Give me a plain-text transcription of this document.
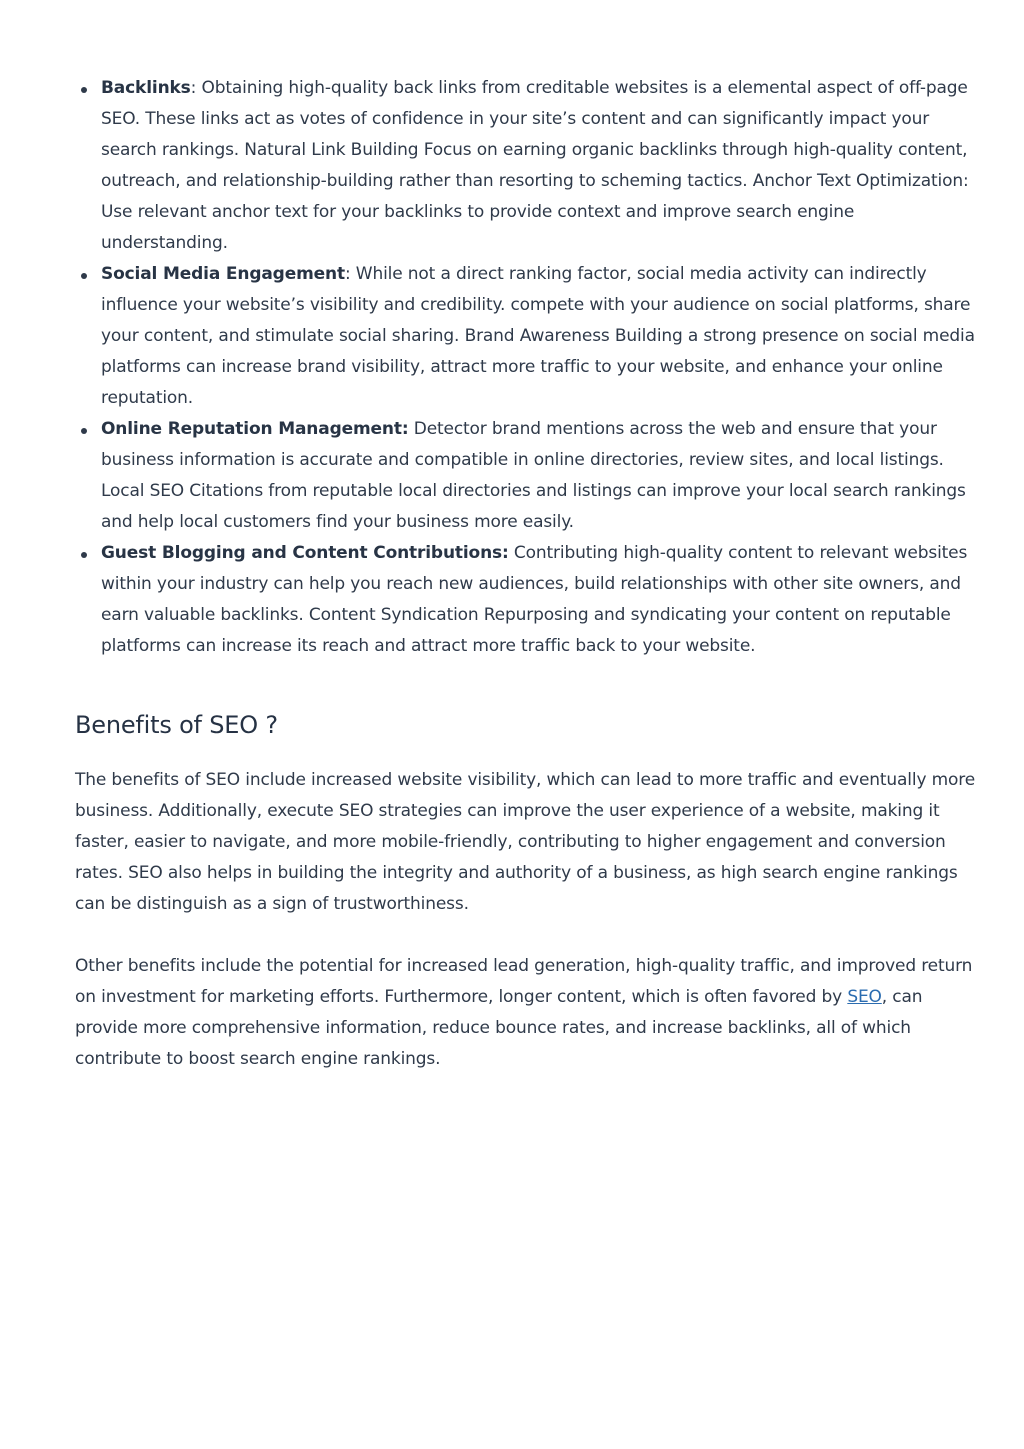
Backlinks: Obtaining high-quality back links from creditable websites is a elemental aspect of off-page SEO. These links act as votes of confidence in your site’s content and can significantly impact your search rankings. Natural Link Building Focus on earning organic backlinks through high-quality content, outreach, and relationship-building rather than resorting to scheming tactics. Anchor Text Optimization: Use relevant anchor text for your backlinks to provide context and improve search engine understanding.
Social Media Engagement: While not a direct ranking factor, social media activity can indirectly influence your website’s visibility and credibility. compete with your audience on social platforms, share your content, and stimulate social sharing. Brand Awareness Building a strong presence on social media platforms can increase brand visibility, attract more traffic to your website, and enhance your online reputation.
Online Reputation Management: Detector brand mentions across the web and ensure that your business information is accurate and compatible in online directories, review sites, and local listings. Local SEO Citations from reputable local directories and listings can improve your local search rankings and help local customers find your business more easily.
Guest Blogging and Content Contributions: Contributing high-quality content to relevant websites within your industry can help you reach new audiences, build relationships with other site owners, and earn valuable backlinks. Content Syndication Repurposing and syndicating your content on reputable platforms can increase its reach and attract more traffic back to your website.
Benefits of SEO ?

The benefits of SEO include increased website visibility, which can lead to more traffic and eventually more business. Additionally, execute SEO strategies can improve the user experience of a website, making it faster, easier to navigate, and more mobile-friendly, contributing to higher engagement and conversion rates. SEO also helps in building the integrity and authority of a business, as high search engine rankings can be distinguish as a sign of trustworthiness.

Other benefits include the potential for increased lead generation, high-quality traffic, and improved return on investment for marketing efforts. Furthermore, longer content, which is often favored by SEO, can provide more comprehensive information, reduce bounce rates, and increase backlinks, all of which contribute to boost search engine rankings.
